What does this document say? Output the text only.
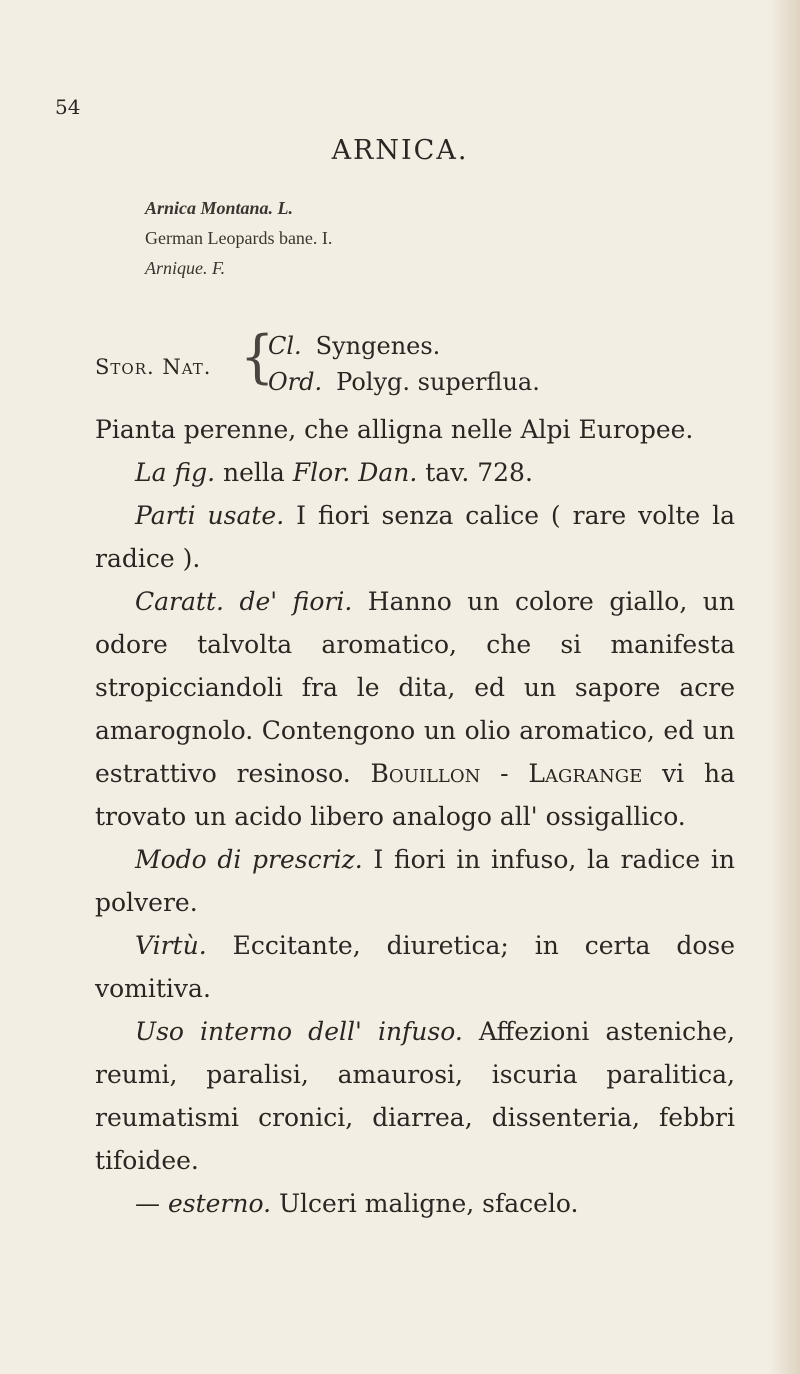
54
ARNICA.
Arnica Montana. L.
German Leopards bane. I.
Arnique. F.
Stor. Nat. {
Cl. Syngenes.
Ord. Polyg. superflua.

Pianta perenne, che alligna nelle Alpi Europee.

La fig. nella Flor. Dan. tav. 728.

Parti usate. I fiori senza calice ( rare volte la radice ).

Caratt. de' fiori. Hanno un colore giallo, un odore talvolta aromatico, che si manifesta stropicciandoli fra le dita, ed un sapore acre amarognolo. Contengono un olio aromatico, ed un estrattivo resinoso. Bouillon - Lagrange vi ha trovato un acido libero analogo all' ossigallico.

Modo di prescriz. I fiori in infuso, la radice in polvere.

Virtù. Eccitante, diuretica; in certa dose vomitiva.

Uso interno dell' infuso. Affezioni asteniche, reumi, paralisi, amaurosi, iscuria paralitica, reumatismi cronici, diarrea, dissenteria, febbri tifoidee.

— esterno. Ulceri maligne, sfacelo.
